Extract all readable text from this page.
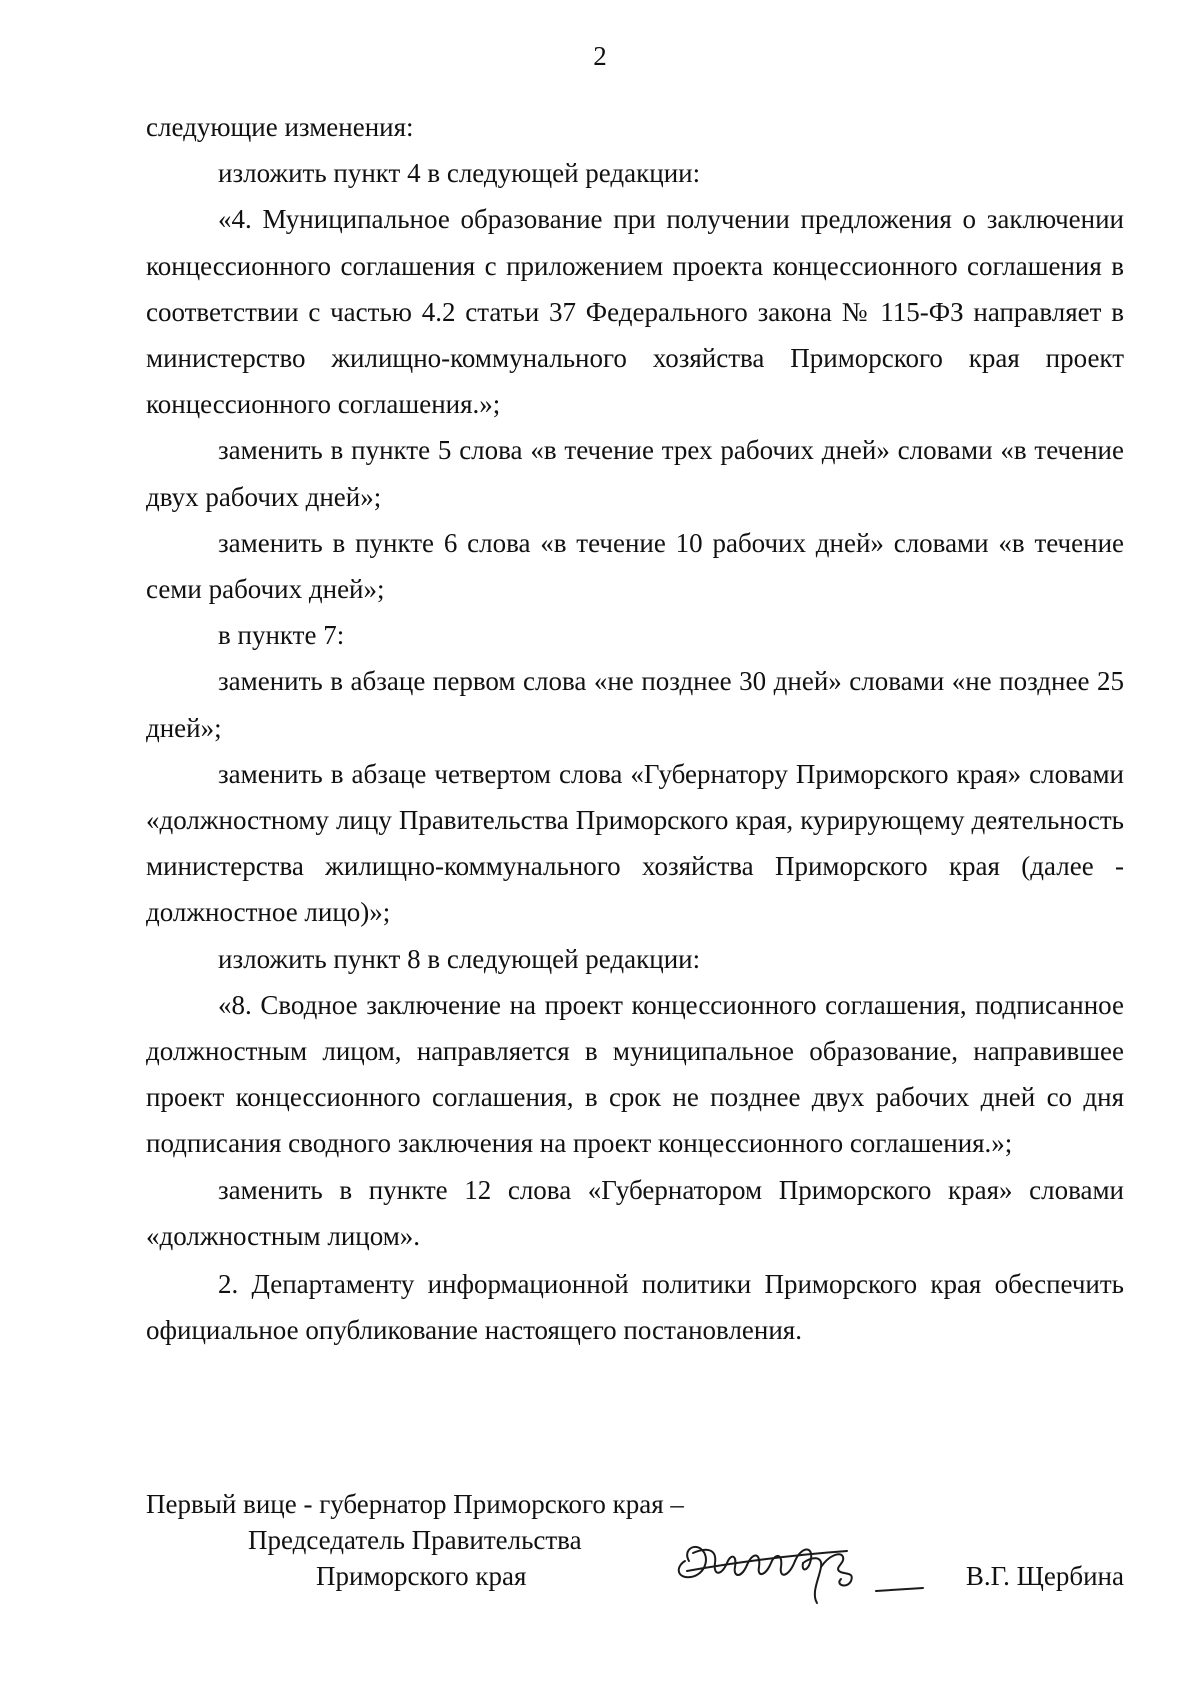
2

следующие изменения:

изложить пункт 4 в следующей редакции:

«4. Муниципальное образование при получении предложения о заключении концессионного соглашения с приложением проекта концессионного соглашения в соответствии с частью 4.2 статьи 37 Федерального закона № 115-ФЗ направляет в министерство жилищно-коммунального хозяйства Приморского края проект концессионного соглашения.»;

заменить в пункте 5 слова «в течение трех рабочих дней» словами «в течение двух рабочих дней»;

заменить в пункте 6 слова «в течение 10 рабочих дней» словами «в течение семи рабочих дней»;

в пункте 7:

заменить в абзаце первом слова «не позднее 30 дней» словами «не позднее 25 дней»;

заменить в абзаце четвертом слова «Губернатору Приморского края» словами «должностному лицу Правительства Приморского края, курирующему деятельность министерства жилищно-коммунального хозяйства Приморского края (далее - должностное лицо)»;

изложить пункт 8 в следующей редакции:

«8. Сводное заключение на проект концессионного соглашения, подписанное должностным лицом, направляется в муниципальное образование, направившее проект концессионного соглашения, в срок не позднее двух рабочих дней со дня подписания сводного заключения на проект концессионного соглашения.»;

заменить в пункте 12 слова «Губернатором Приморского края» словами «должностным лицом».

2. Департаменту информационной политики Приморского края обеспечить официальное опубликование настоящего постановления.

Первый вице - губернатор Приморского края –
Председатель Правительства
Приморского края	В.Г. Щербина
